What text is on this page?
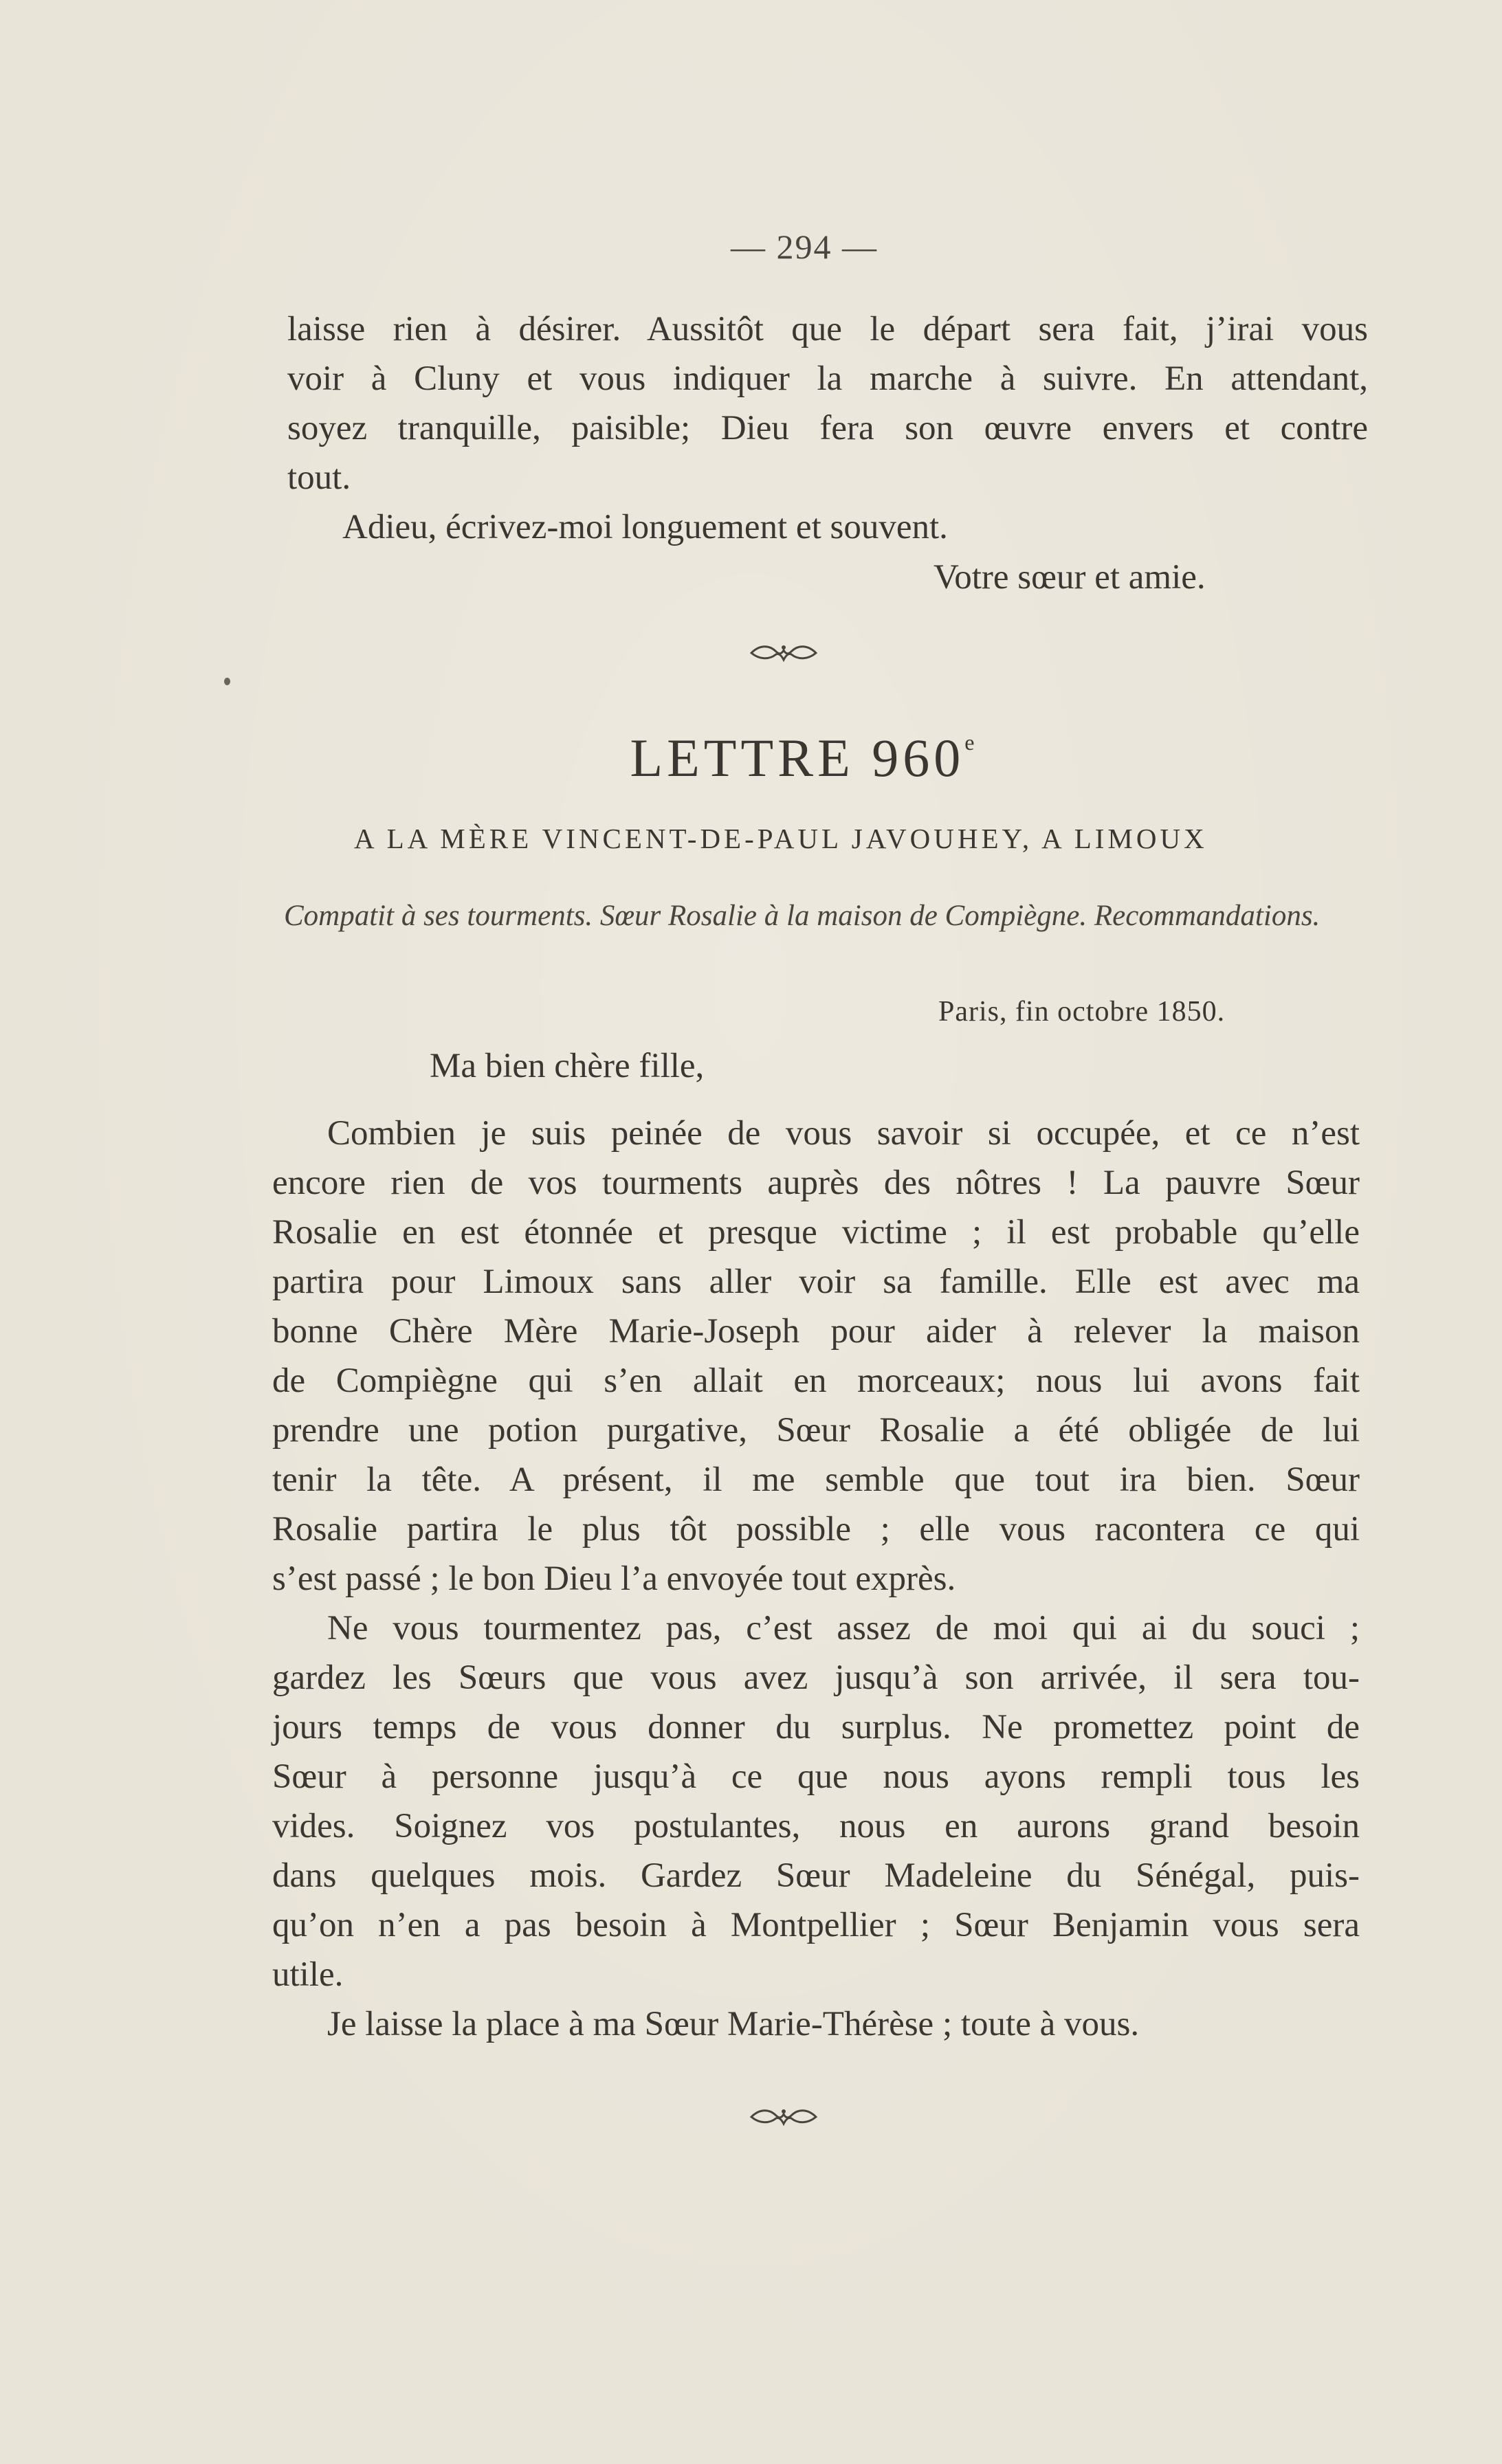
— 294 —
laisse rien à désirer. Aussitôt que le départ sera fait, j’irai vous
voir à Cluny et vous indiquer la marche à suivre. En attendant,
soyez tranquille, paisible; Dieu fera son œuvre envers et contre
tout.
Adieu, écrivez-moi longuement et souvent.
Votre sœur et amie.
LETTRE 960e
A LA MÈRE VINCENT-DE-PAUL JAVOUHEY, A LIMOUX
Compatit à ses tourments. Sœur Rosalie à la maison de Compiègne. Recommandations.
Paris, fin octobre 1850.
Ma bien chère fille,
Combien je suis peinée de vous savoir si occupée, et ce n’est
encore rien de vos tourments auprès des nôtres ! La pauvre Sœur
Rosalie en est étonnée et presque victime ; il est probable qu’elle
partira pour Limoux sans aller voir sa famille. Elle est avec ma
bonne Chère Mère Marie-Joseph pour aider à relever la maison
de Compiègne qui s’en allait en morceaux; nous lui avons fait
prendre une potion purgative, Sœur Rosalie a été obligée de lui
tenir la tête. A présent, il me semble que tout ira bien. Sœur
Rosalie partira le plus tôt possible ; elle vous racontera ce qui
s’est passé ; le bon Dieu l’a envoyée tout exprès.
Ne vous tourmentez pas, c’est assez de moi qui ai du souci ;
gardez les Sœurs que vous avez jusqu’à son arrivée, il sera tou-
jours temps de vous donner du surplus. Ne promettez point de
Sœur à personne jusqu’à ce que nous ayons rempli tous les
vides. Soignez vos postulantes, nous en aurons grand besoin
dans quelques mois. Gardez Sœur Madeleine du Sénégal, puis-
qu’on n’en a pas besoin à Montpellier ; Sœur Benjamin vous sera
utile.
Je laisse la place à ma Sœur Marie-Thérèse ; toute à vous.
